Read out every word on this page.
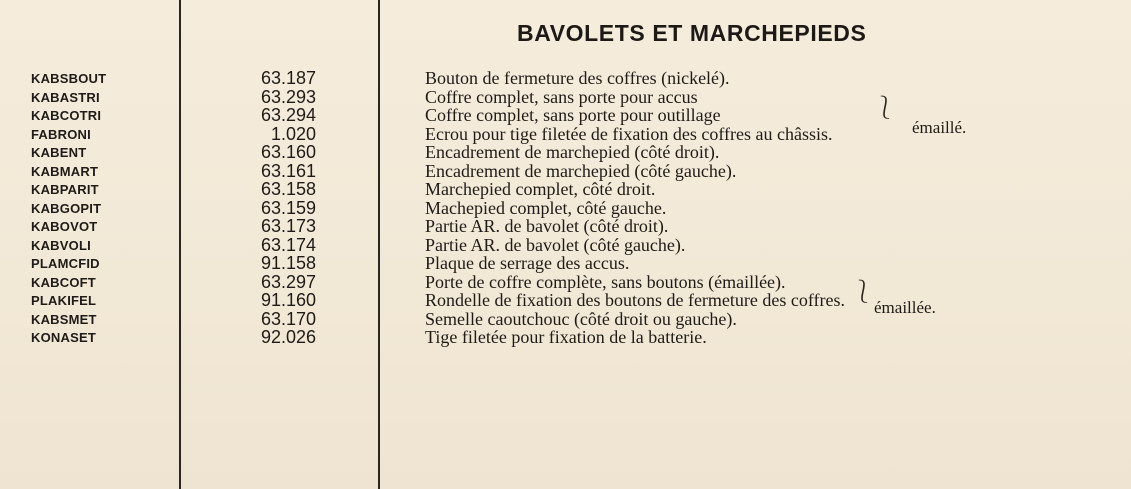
BAVOLETS ET MARCHEPIEDS
KABSBOUT	63.187	Bouton de fermeture des coffres (nickelé).
KABASTRI	63.293	Coffre complet, sans porte pour accus
KABCOTRI	63.294	Coffre complet, sans porte pour outillage
FABRONI	1.020	Ecrou pour tige filetée de fixation des coffres au châssis.
KABENT	63.160	Encadrement de marchepied (côté droit).
KABMART	63.161	Encadrement de marchepied (côté gauche).
KABPARIT	63.158	Marchepied complet, côté droit.
KABGOPIT	63.159	Machepied complet, côté gauche.
KABOVOT	63.173	Partie AR. de bavolet (côté droit).
KABVOLI	63.174	Partie AR. de bavolet (côté gauche).
PLAMCFID	91.158	Plaque de serrage des accus.
KABCOFT	63.297	Porte de coffre complète, sans boutons (émaillée).
PLAKIFEL	91.160	Rondelle de fixation des boutons de fermeture des coffres.
KABSMET	63.170	Semelle caoutchouc (côté droit ou gauche).
KONASET	92.026	Tige filetée pour fixation de la batterie.
⎱
émaillé.
⎱
émaillée.
